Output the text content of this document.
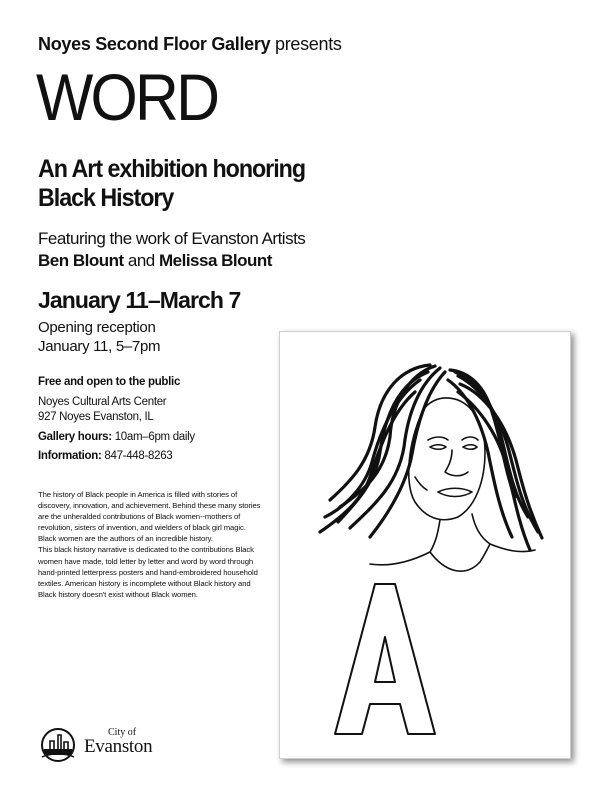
Noyes Second Floor Gallery presents
WORD
An Art exhibition honoring
Black History
Featuring the work of Evanston Artists
Ben Blount and Melissa Blount
January 11–March 7
Opening reception
January 11, 5–7pm
Free and open to the public
Noyes Cultural Arts Center
927 Noyes Evanston, IL
Gallery hours: 10am–6pm daily
Information: 847-448-8263

The history of Black people in America is filled with stories of discovery, innovation, and achievement. Behind these many stories are the unheralded contributions of Black women--mothers of revolution, sisters of invention, and wielders of black girl magic. Black women are the authors of an incredible history.

This black history narrative is dedicated to the contributions Black women have made, told letter by letter and word by word through hand-printed letterpress posters and hand-embroidered household textiles. American history is incomplete without Black history and Black history doesn't exist without Black women.

City of
Evanston
